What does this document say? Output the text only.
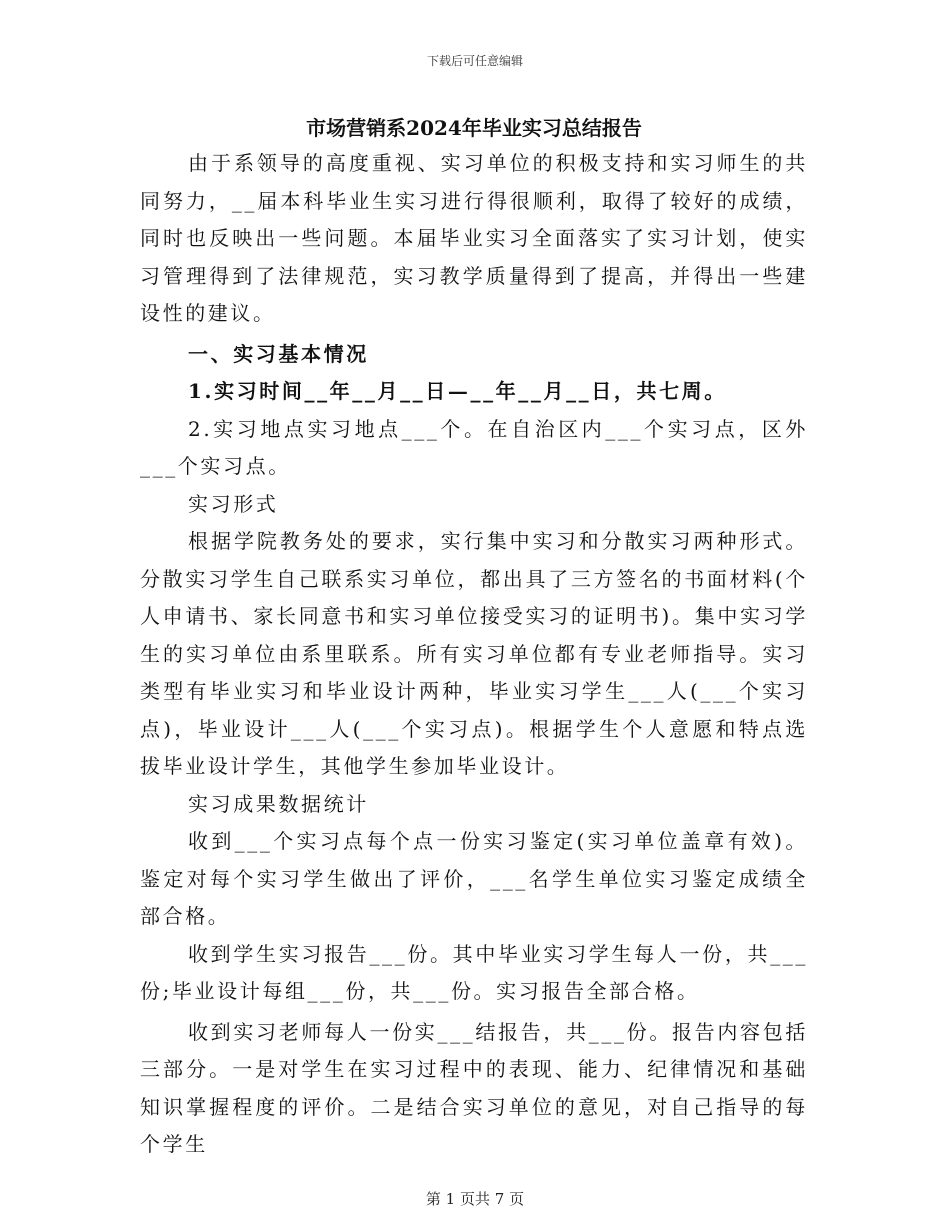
下载后可任意编辑
市场营销系2024年毕业实习总结报告

由于系领导的高度重视、实习单位的积极支持和实习师生的共同努力，__届本科毕业生实习进行得很顺利，取得了较好的成绩，同时也反映出一些问题。本届毕业实习全面落实了实习计划，使实习管理得到了法律规范，实习教学质量得到了提高，并得出一些建设性的建议。

一、实习基本情况

1.实习时间__年__月__日—__年__月__日，共七周。

2.实习地点实习地点___个。在自治区内___个实习点，区外___个实习点。

实习形式

根据学院教务处的要求，实行集中实习和分散实习两种形式。分散实习学生自己联系实习单位，都出具了三方签名的书面材料(个人申请书、家长同意书和实习单位接受实习的证明书)。集中实习学生的实习单位由系里联系。所有实习单位都有专业老师指导。实习类型有毕业实习和毕业设计两种，毕业实习学生___人(___个实习点)，毕业设计___人(___个实习点)。根据学生个人意愿和特点选拔毕业设计学生，其他学生参加毕业设计。

实习成果数据统计

收到___个实习点每个点一份实习鉴定(实习单位盖章有效)。鉴定对每个实习学生做出了评价，___名学生单位实习鉴定成绩全部合格。

收到学生实习报告___份。其中毕业实习学生每人一份，共___份;毕业设计每组___份，共___份。实习报告全部合格。

收到实习老师每人一份实___结报告，共___份。报告内容包括三部分。一是对学生在实习过程中的表现、能力、纪律情况和基础知识掌握程度的评价。二是结合实习单位的意见，对自己指导的每个学生

第 1 页共 7 页
